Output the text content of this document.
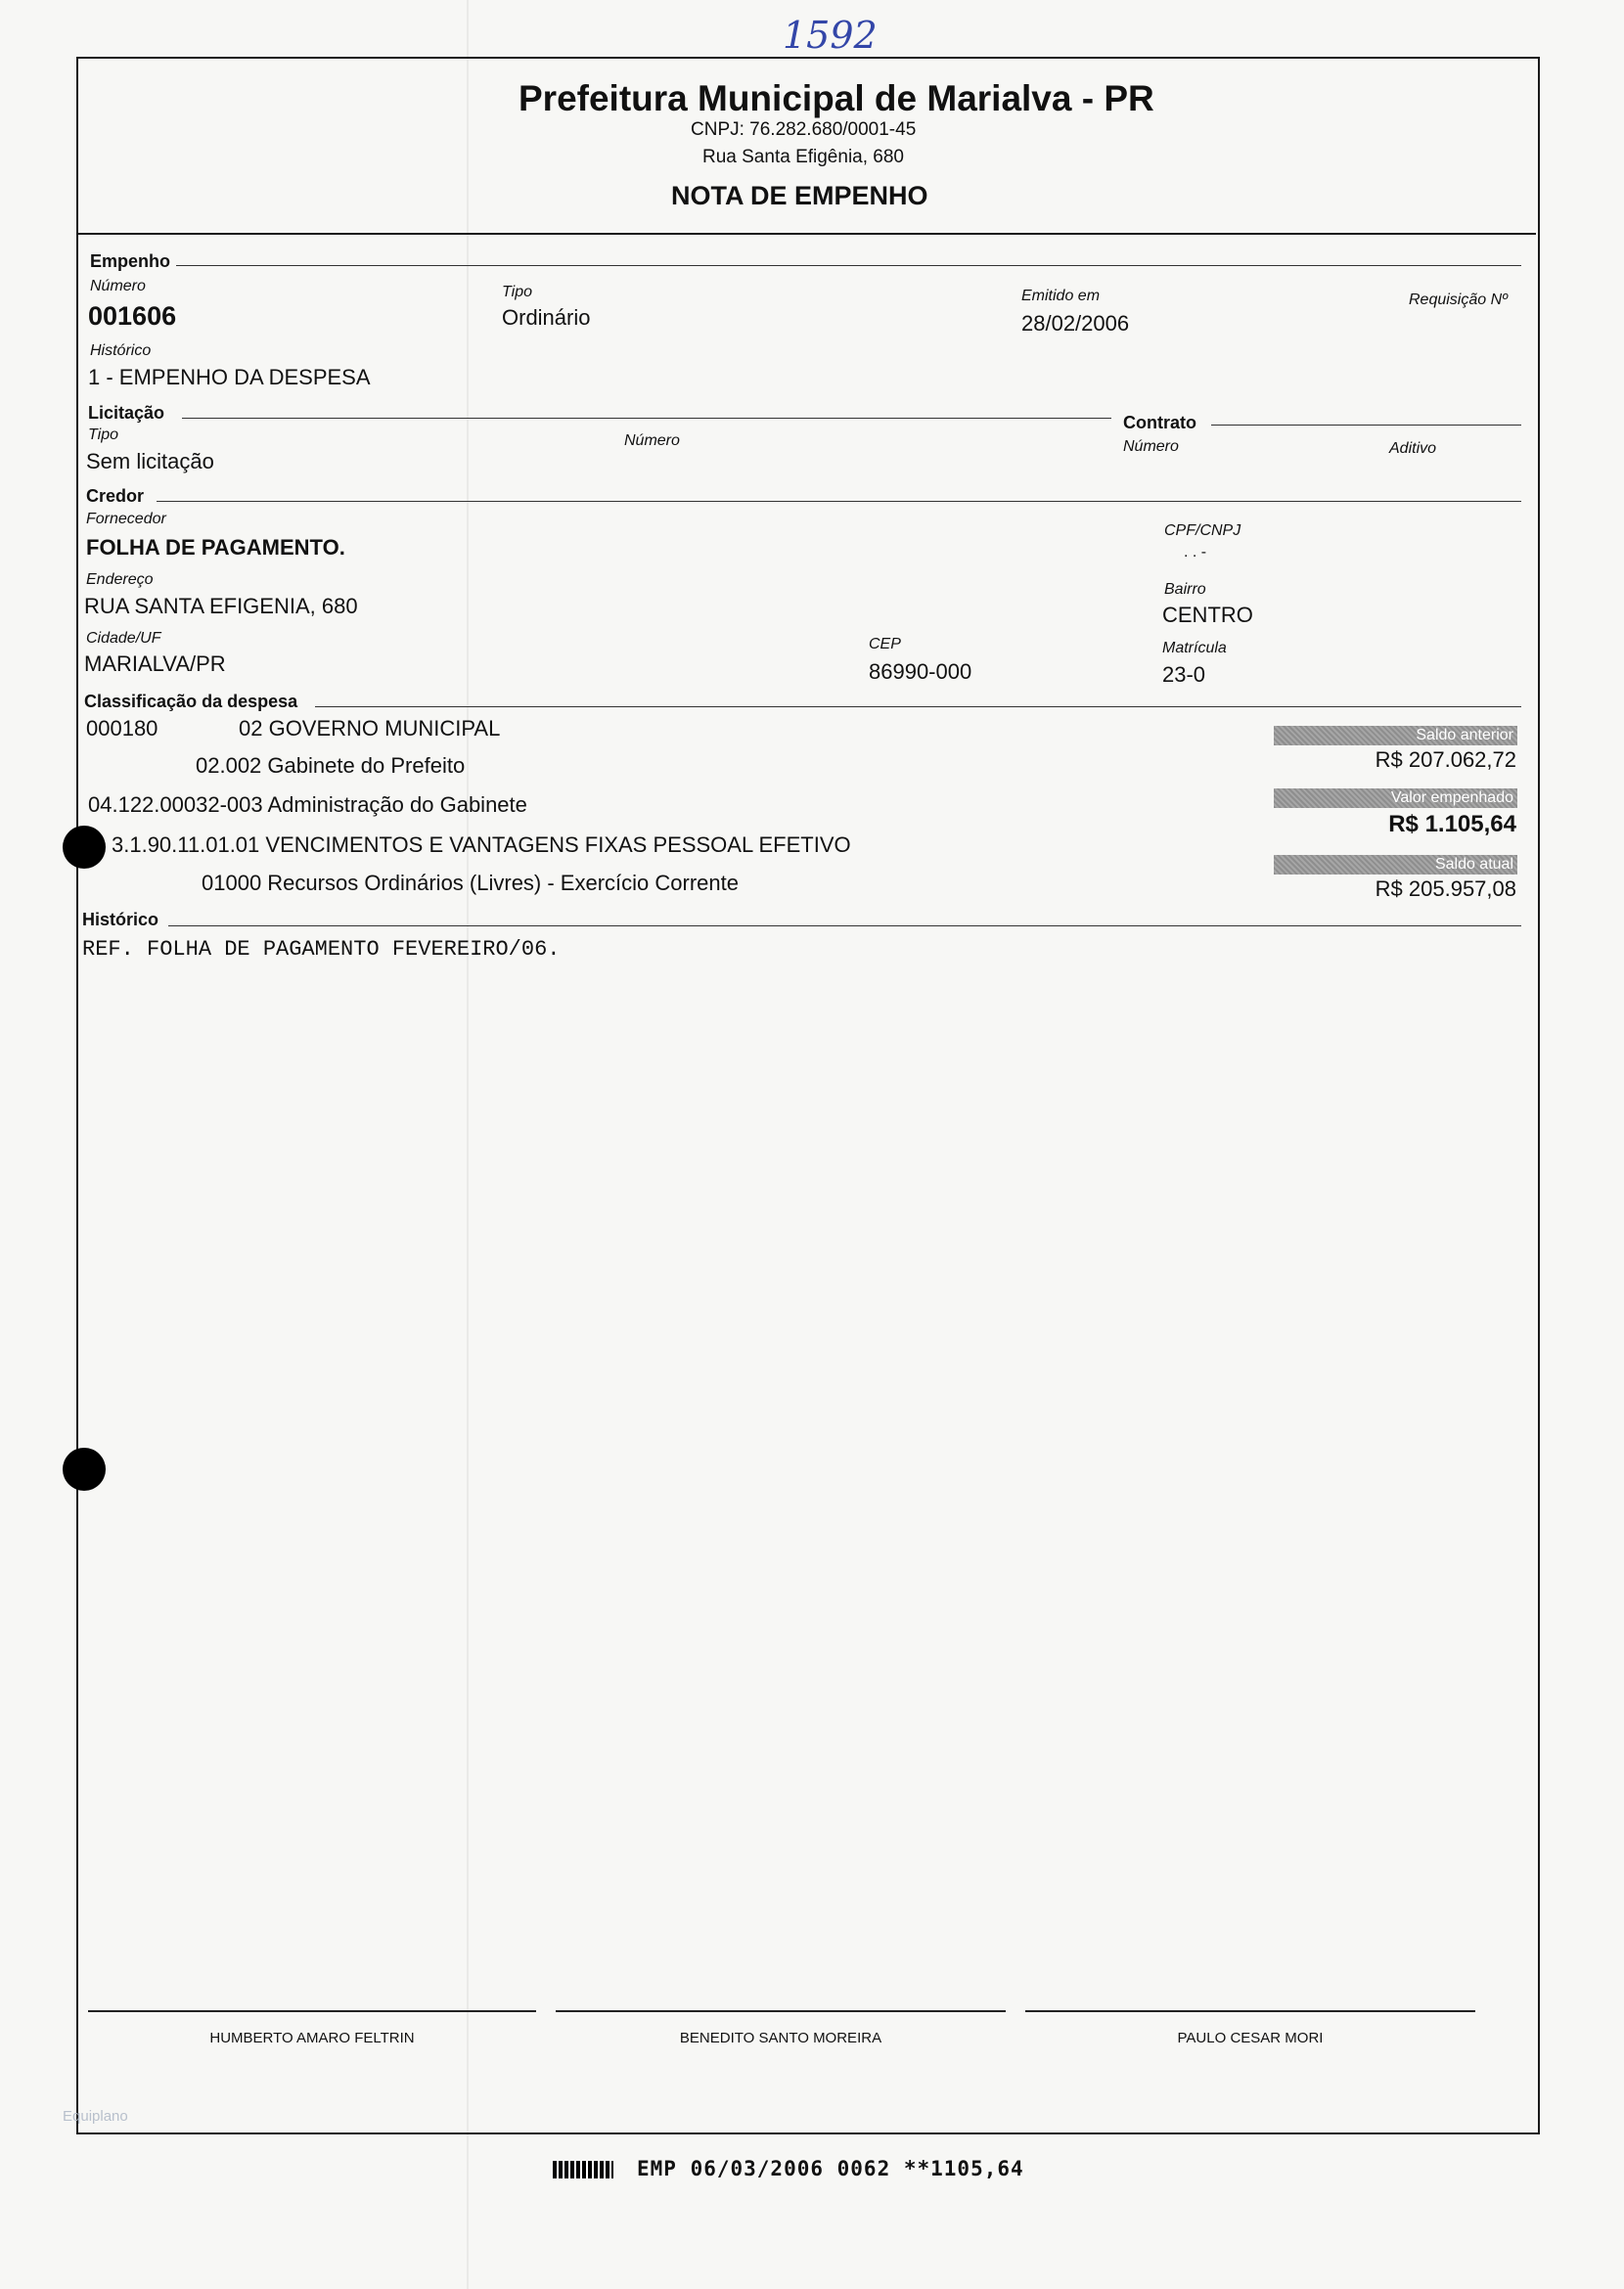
1592
Prefeitura Municipal de Marialva - PR
CNPJ: 76.282.680/0001-45
Rua Santa Efigênia, 680
NOTA DE EMPENHO
Empenho
Número
001606
Tipo
Ordinário
Emitido em
28/02/2006
Requisição Nº
Histórico
1 - EMPENHO DA DESPESA
Licitação
Tipo
Sem licitação
Número
Contrato
Número	Aditivo
Credor
Fornecedor
FOLHA DE PAGAMENTO.
CPF/CNPJ
. . -
Endereço
RUA SANTA EFIGENIA, 680
Bairro
CENTRO
Cidade/UF
MARIALVA/PR
CEP
86990-000
Matrícula
23-0
Classificação da despesa
000180	02 GOVERNO MUNICIPAL
02.002 Gabinete do Prefeito
04.122.00032-003 Administração do Gabinete
3.1.90.11.01.01 VENCIMENTOS E VANTAGENS FIXAS PESSOAL EFETIVO
01000 Recursos Ordinários (Livres) - Exercício Corrente
Saldo anterior
R$ 207.062,72
Valor empenhado
R$ 1.105,64
Saldo atual
R$ 205.957,08
Histórico
REF. FOLHA DE PAGAMENTO FEVEREIRO/06.
HUMBERTO AMARO FELTRIN	BENEDITO SANTO MOREIRA	PAULO CESAR MORI
Equiplano
EMP 06/03/2006 0062 **1105,64
